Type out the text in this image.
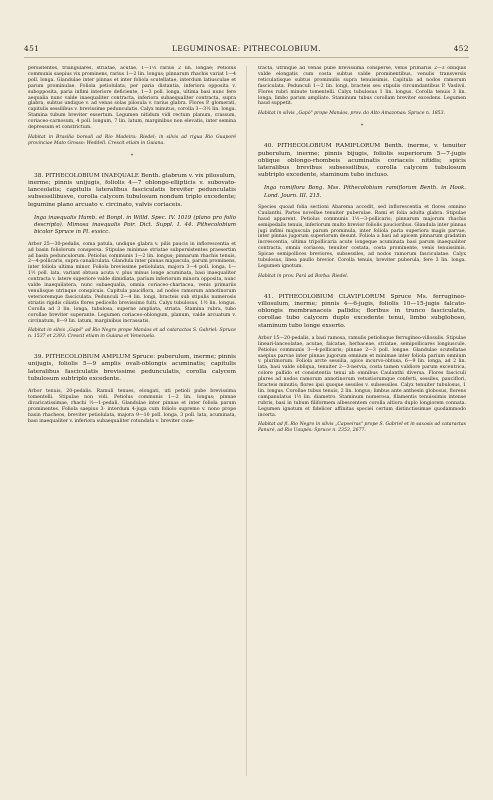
451	LEGUMINOSAE: PITHECOLOBIUM.	452

persistentes, triangulares, striatae, acutae, 1—1½ rarius 2 lin. longae; Petiolus communis saepius vix prominens, rarius 1—2 lin. longus; pinnarum rhachis variat 1—4 poll. longa. Glandulae inter pinnas et inter foliola scutellatae, interdum latiusculae et parum prominulae. Foliola petiolulata, per paria distantia, inferiora opposita v. subopposita, paria infimi interiore deficiente, 1—3 poll. longa, ultima basi nunc fere aequalia nunc valde inaequaliter contracta, inferiora subaequaliter contracta, supra glabra, subtus undique v. ad venas solas pilosula v. rarius glabra. Flores P. glomerati, capitulis sessilibus v. brevissime pedunculatis. Calyx minutus, corolla 3—3½ lin. longa. Stamina tubum breviter exsertum. Legumen nitidum vidi rectum planum, crassum, coriaceo-carnosum, 4 poll. longum, 7 lin. latum, marginibus non elevatis, inter semina depressum et constrictum.

Habitat in Brasilia boreali ad Rio Madeira: Riedel; in silvis ad rigua Rio Guaporé provinciae Mato Grosso: Weddell. Crescit etiam in Guiana.

*

38. PITHECOLOBIUM INAEQUALE Benth. glabrum v. vix pilosulum, inerme; pinnis unijugis, foliolis 4—7 oblongo-ellipticis v. subovato-lanceolatis; capitulis lateralibus fasciculatis breviter pedunculatis subsessilibusve, corolla calycem tubulosum nondum triplo excedente; legumine plano arcuato v. circinato, valvis coriaceis.

Inga inaequalis Humb. et Bonpl. in Willd. Spec. IV. 1019 (plano pro folio descripto). Mimosa inaequalis Poir. Dict. Suppl. I. 44. Pithecolobium bicolor Spruce in Pl. exsicc.

Arbor 25—30-pedalis, coma patula, undique glabra v. pilis paucis in inflorescentia et ad basin foliolorum conspersa. Stipulae minimae striatae subpersistentes praesertim ad basin pedunculorum. Petiolus communis 1—2 lin. longus; pinnarum rhachis tenuis, 2—4-pollicaris, supra canaliculata. Glandula inter pinnas majuscula, parum prominens, inter foliola ultima minor. Foliola brevissime petiolulata, majora 3—4 poll. longa, 1—1½ poll. lata, variant obtusa acuta v. plus minus longe acuminata, basi inaequaliter contracta v. latere superiore valde dimidiata, parium inferiorum minora opposita, nunc valde inaequilatera, nunc subaequalia, omnia coriaceo-chartacea, venis primariis venulisque utrinque conspicuis. Capitula pauciflora, ad nodos ramorum annotinorum veterioremque fasciculata. Pedunculi 2—4 lin. longi, bracteis sub stipulis numerosis striatis rigidis ciliatis flores pedicello brevissimo fulti. Calyx tubulosus, 1½ lin. longus. Corolla ad 3 lin. longa, tubulosa, superne ampliata, striata. Stamina rubra, tubo corollae breviter superante. Legumen coriaceo-oblongum, planum, valde arcuatum v. circinatum, 8—9 lin. latum, marginibus incrassatis.

Habitat in silvis „Gapó" ad Rio Negro prope Manáos et ad cataractas S. Gabriel: Spruce n. 1537 et 2393. Crescit etiam in Guiana et Venezuela.

39. PITHECOLOBIUM AMPLUM Spruce: puberulum, inerme; pinnis unijugis, foliolis 5—9 amplis ovali-oblongis acuminatis; capitulis lateralibus fasciculatis brevissime pedunculatis, corolla calycem tubulosum subtriplo excedente.

Arbor tenuis, 20-pedalis. Ramuli tenues, elongati, uti petioli pube brevissima tomentelli. Stipulae non vidi. Petiolus communis 1—2 lin. longus; pinnae divaricatissimae, rhachi ½—1-pedali. Glandulae inter pinnas et inter foliola parum prominentes. Foliola saepius 3- interdum 4-juga cum foliolo supremo v. nono prope basin rhacheos, breviter petiolulata, majora 9—10 poll. longa, 3 poll. lata, acuminata, basi inaequaliter v. inferiora subaequaliter rotundata v. breviter cone-

tracta, utrinque ad venas pube brevissima consperse, venis primariis 2—3 obliquis valde elongatis cum costa subtus valde prominentibus, venulis transversis reticulatisque subtus prominulis supra tenuissimis. Capitula ad nodos ramorum fasciculata. Pedunculi 1—2 lin. longi, bracteis seu stipulis circumdantibus P. Vaslivii. Flores rubri minute tomentelli. Calyx tubulosus 1 lin. longus. Corolla tenuis 3 lin. longa, limbo parum ampliato. Staminum tubus corollam breviter excedens. Legumen haud suppetit.

Habitat in silvis „Gapó" prope Manáos, prov. do Alto Amazonas: Spruce n. 1853.

*

40. PITHECOLOBIUM RAMIFLORUM Benth. inerme, v. tenuiter puberulum, inerme; pinnis bijugis, foliolis superiorum 5—7-jugis oblique oblongo-rhombeis acuminatis coriaceis nitidis; spicis lateralibus brevibus subsessilibus, corolla calycem tubulosum subtriplo excedente, staminum tubo incluso.

Inga ramiflora Bong. Mss. Pithecolobium ramiflorum Benth. in Hook. Lond. Journ. III. 215.

Species quoad folia sectioni Abarema accedit, sed inflorescentia et flores omnino Caulanthi. Partes novellae tenuiter puberulae. Rami et folia adulta glabra. Stipulae haud apparent. Petiolus communis 1½—3-pollicaris; pinnarum majorum rhachis semipedalis tenuis, inferiorum multo brevior foliolis paucioribus. Glandula inter pinnas jugi infimi majuscula parum prominula, inter foliola paria superiora magis parvae, inter pinnas jugorum superiorum desunt. Foliola a basi ad apicem pinnarum gradatim increscentia, ultima tripollicaria acute longeque acuminata basi parum inaequaliter contracta, omnia coriacea, tenuiter costata, costa prominente, venis tenuissimis. Spicae semipollices breviores, subsessiles, ad nodos ramorum fasciculatae. Calyx tubulosus, linea paullo brevior. Corolla tenuis, breviter puberula, fere 3 lin. longa. Legumen ignotum.

Habitat in prov. Pará ad Borba: Riedel.

41. PITHECOLOBIUM CLAVIFLORUM Spruce Ms. ferrugineo-villosulum, inerme; pinnis 4—6-jugis, foliolis 10—15-jugis falcato-oblongis membranaceis pallidis; floribus in trunco fasciculatis, corollae tubo calycem duplo excedente tenui, limbo subgloboso, staminum tubo longe exserto.

Arbor 15—20-pedalis, a basi ramosa, ramulis petiolisque ferrugineo-villosulis. Stipulae lineari-lanceolatae, acutae, falcatae, herbaceae, striatae, semipollicares longiuscule. Petiolus communis 3—4-pollicaris; pinnae 2—3 poll. longae. Glandulae scutellatae saepius parvae inter pinnas jugorum omnium et minimae inter foliola parium omnium v. plurimorum. Foliola arcte sessilia, apice incurvo-obtusa, 6—9 lin. longa, ad 2 lin. lata, basi valde obliqua, tenuiter 2—3-nervia, costa tamen valdiore parum excentrica, colore pallido et consistentia tenui ab omnibus Caulanthi diversa. Flores fasciculi plures ad nodos ramorum annotinorum vetustiorumque conferti, sessiles, pauciflori, bracteis minutis; flores ipsi quoque sessiles v. subsessiles. Calyx tenuiter tubulosus, 1 lin. longus. Corollae tubus tenuis, 2 lin. longus; limbus ante anthesin globosus, florens campanulatus 1½ lin. diametro. Staminum numerosa, filamentis tenuissimis intense rubris, basi in tubum filiformem albescentem corolla altiora duplo longiorem connata. Legumen ignotum et fidelicer affinitas speciei certum distinctissimae quodammodo incerta.

Habitat ad fl. Rio Negro in silvis „Capoeiras" prope S. Gabriel et in saxosis ad cataractas Panuré, ad Rio Uaupés: Spruce n. 2353, 2677.
